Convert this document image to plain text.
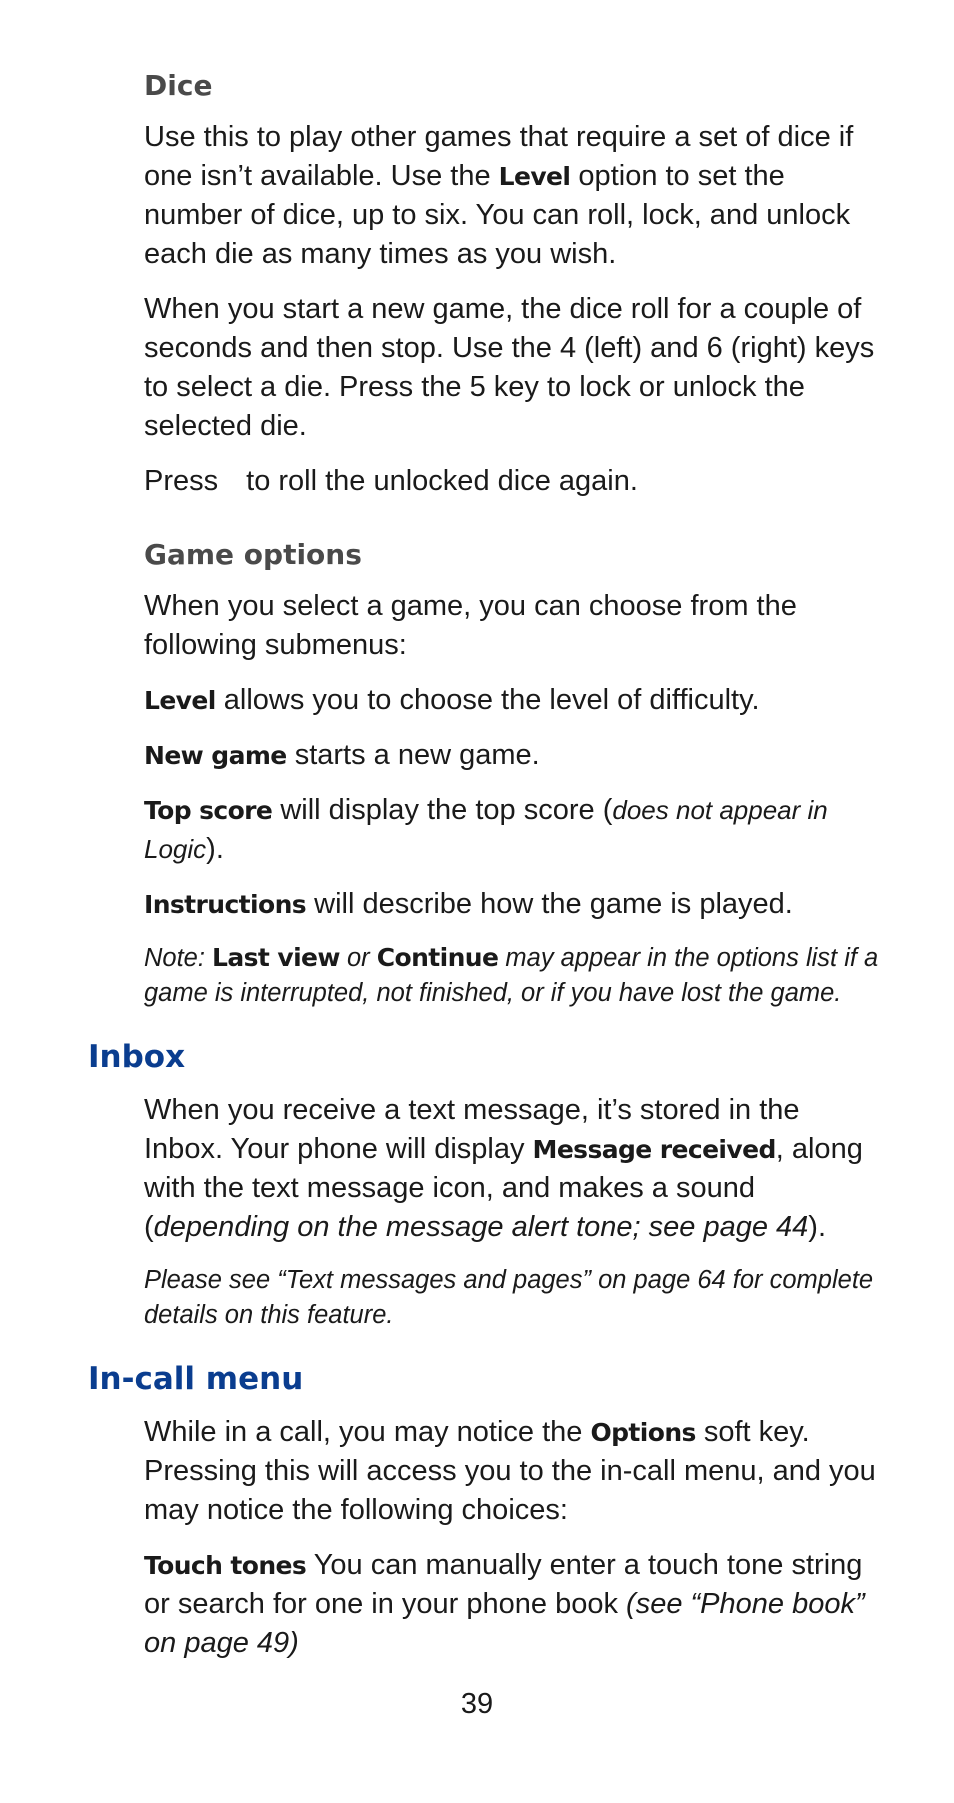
Dice

Use this to play other games that require a set of dice if one isn’t available. Use the Level option to set the number of dice, up to six. You can roll, lock, and unlock each die as many times as you wish.

When you start a new game, the dice roll for a couple of seconds and then stop. Use the 4 (left) and 6 (right) keys to select a die. Press the 5 key to lock or unlock the selected die.

Press to roll the unlocked dice again.

Game options

When you select a game, you can choose from the following submenus:

Level allows you to choose the level of difficulty.

New game starts a new game.

Top score will display the top score (does not appear in Logic).

Instructions will describe how the game is played.

Note: Last view or Continue may appear in the options list if a game is interrupted, not finished, or if you have lost the game.

Inbox

When you receive a text message, it’s stored in the Inbox. Your phone will display Message received, along with the text message icon, and makes a sound (depending on the message alert tone; see page 44).

Please see “Text messages and pages” on page 64 for complete details on this feature.

In-call menu

While in a call, you may notice the Options soft key. Pressing this will access you to the in-call menu, and you may notice the following choices:

Touch tones You can manually enter a touch tone string or search for one in your phone book (see “Phone book” on page 49)

39
